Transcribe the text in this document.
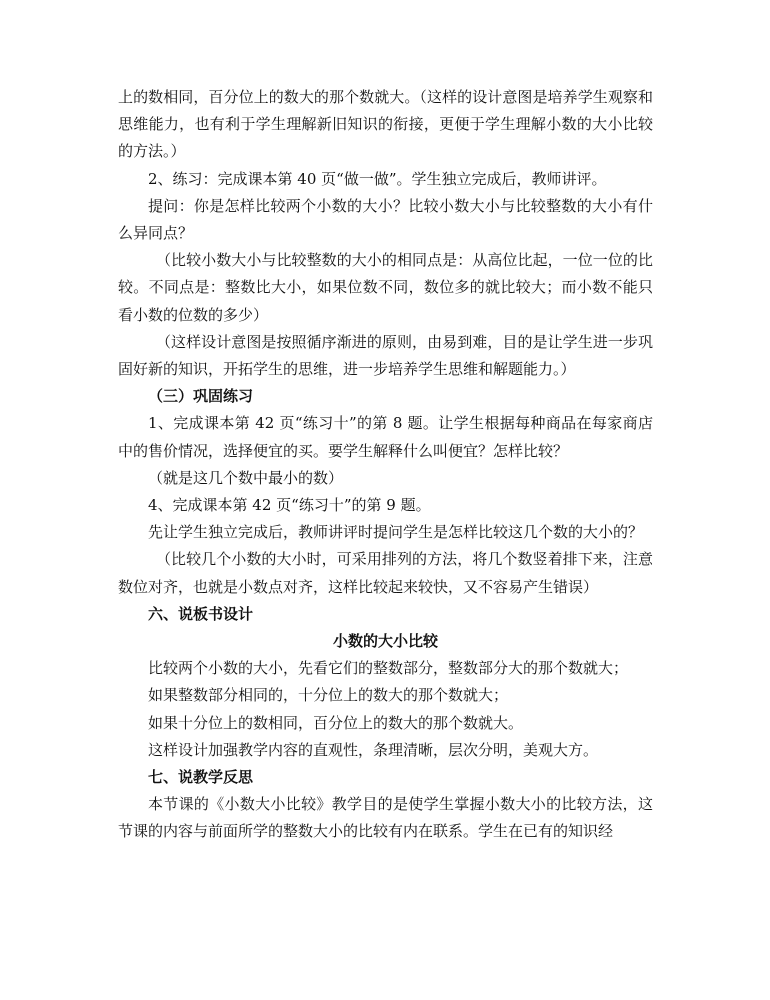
上的数相同，百分位上的数大的那个数就大。（这样的设计意图是培养学生观察和思维能力，也有利于学生理解新旧知识的衔接，更便于学生理解小数的大小比较的方法。）

2、练习：完成课本第 40 页“做一做”。学生独立完成后，教师讲评。

提问：你是怎样比较两个小数的大小？比较小数大小与比较整数的大小有什么异同点？

（比较小数大小与比较整数的大小的相同点是：从高位比起，一位一位的比较。不同点是：整数比大小，如果位数不同，数位多的就比较大；而小数不能只看小数的位数的多少）

（这样设计意图是按照循序渐进的原则，由易到难，目的是让学生进一步巩固好新的知识，开拓学生的思维，进一步培养学生思维和解题能力。）

（三）巩固练习

1、完成课本第 42 页“练习十”的第 8 题。让学生根据每种商品在每家商店中的售价情况，选择便宜的买。要学生解释什么叫便宜？怎样比较？

（就是这几个数中最小的数）

4、完成课本第 42 页“练习十”的第 9 题。

先让学生独立完成后，教师讲评时提问学生是怎样比较这几个数的大小的？

（比较几个小数的大小时，可采用排列的方法，将几个数竖着排下来，注意数位对齐，也就是小数点对齐，这样比较起来较快，又不容易产生错误）

六、说板书设计

小数的大小比较

比较两个小数的大小，先看它们的整数部分，整数部分大的那个数就大；

如果整数部分相同的，十分位上的数大的那个数就大；

如果十分位上的数相同，百分位上的数大的那个数就大。

这样设计加强教学内容的直观性，条理清晰，层次分明，美观大方。

七、说教学反思

本节课的《小数大小比较》教学目的是使学生掌握小数大小的比较方法，这节课的内容与前面所学的整数大小的比较有内在联系。学生在已有的知识经
